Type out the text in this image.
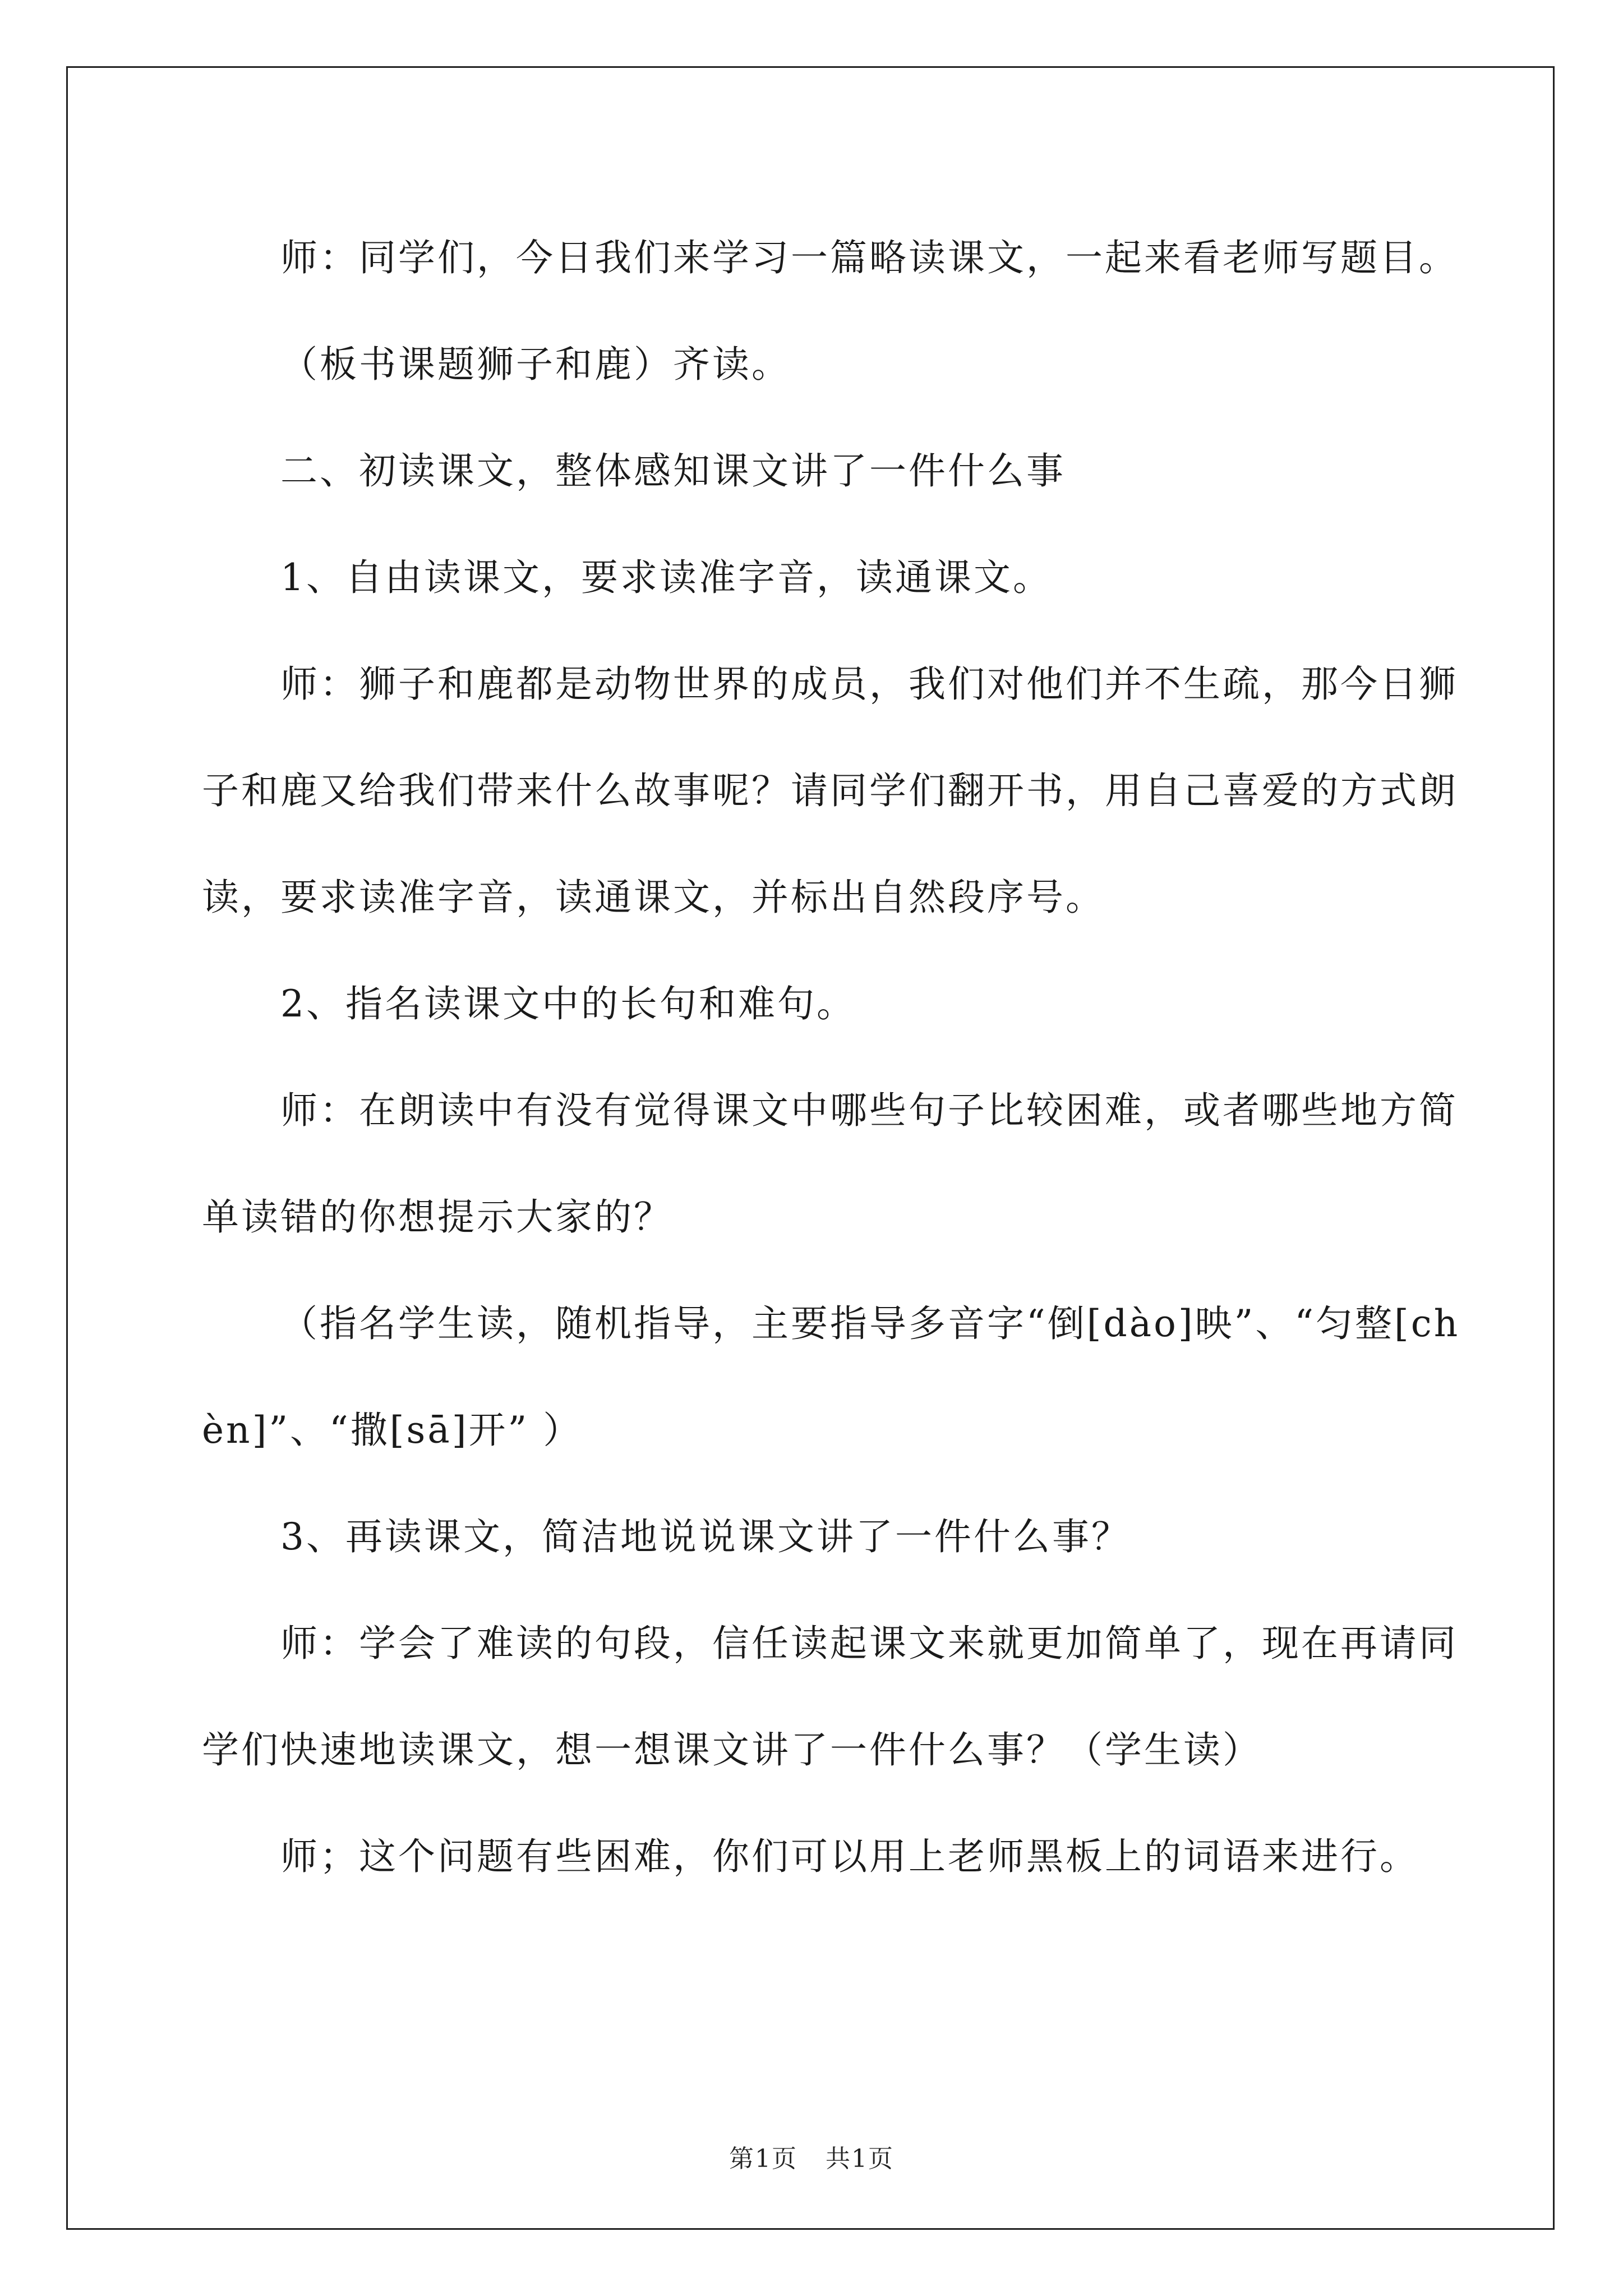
师：同学们，今日我们来学习一篇略读课文，一起来看老师写题目。

（板书课题狮子和鹿）齐读。

二、初读课文，整体感知课文讲了一件什么事

1、自由读课文，要求读准字音，读通课文。

师：狮子和鹿都是动物世界的成员，我们对他们并不生疏，那今日狮子和鹿又给我们带来什么故事呢？请同学们翻开书，用自己喜爱的方式朗读，要求读准字音，读通课文，并标出自然段序号。

2、指名读课文中的长句和难句。

师：在朗读中有没有觉得课文中哪些句子比较困难，或者哪些地方简单读错的你想提示大家的？

（指名学生读，随机指导，主要指导多音字“倒[dào]映”、“匀整[chèn]”、“撒[sā]开” ）

3、再读课文，简洁地说说课文讲了一件什么事？

师：学会了难读的句段，信任读起课文来就更加简单了，现在再请同学们快速地读课文，想一想课文讲了一件什么事？（学生读）

师；这个问题有些困难，你们可以用上老师黑板上的词语来进行。

第1页 共1页
